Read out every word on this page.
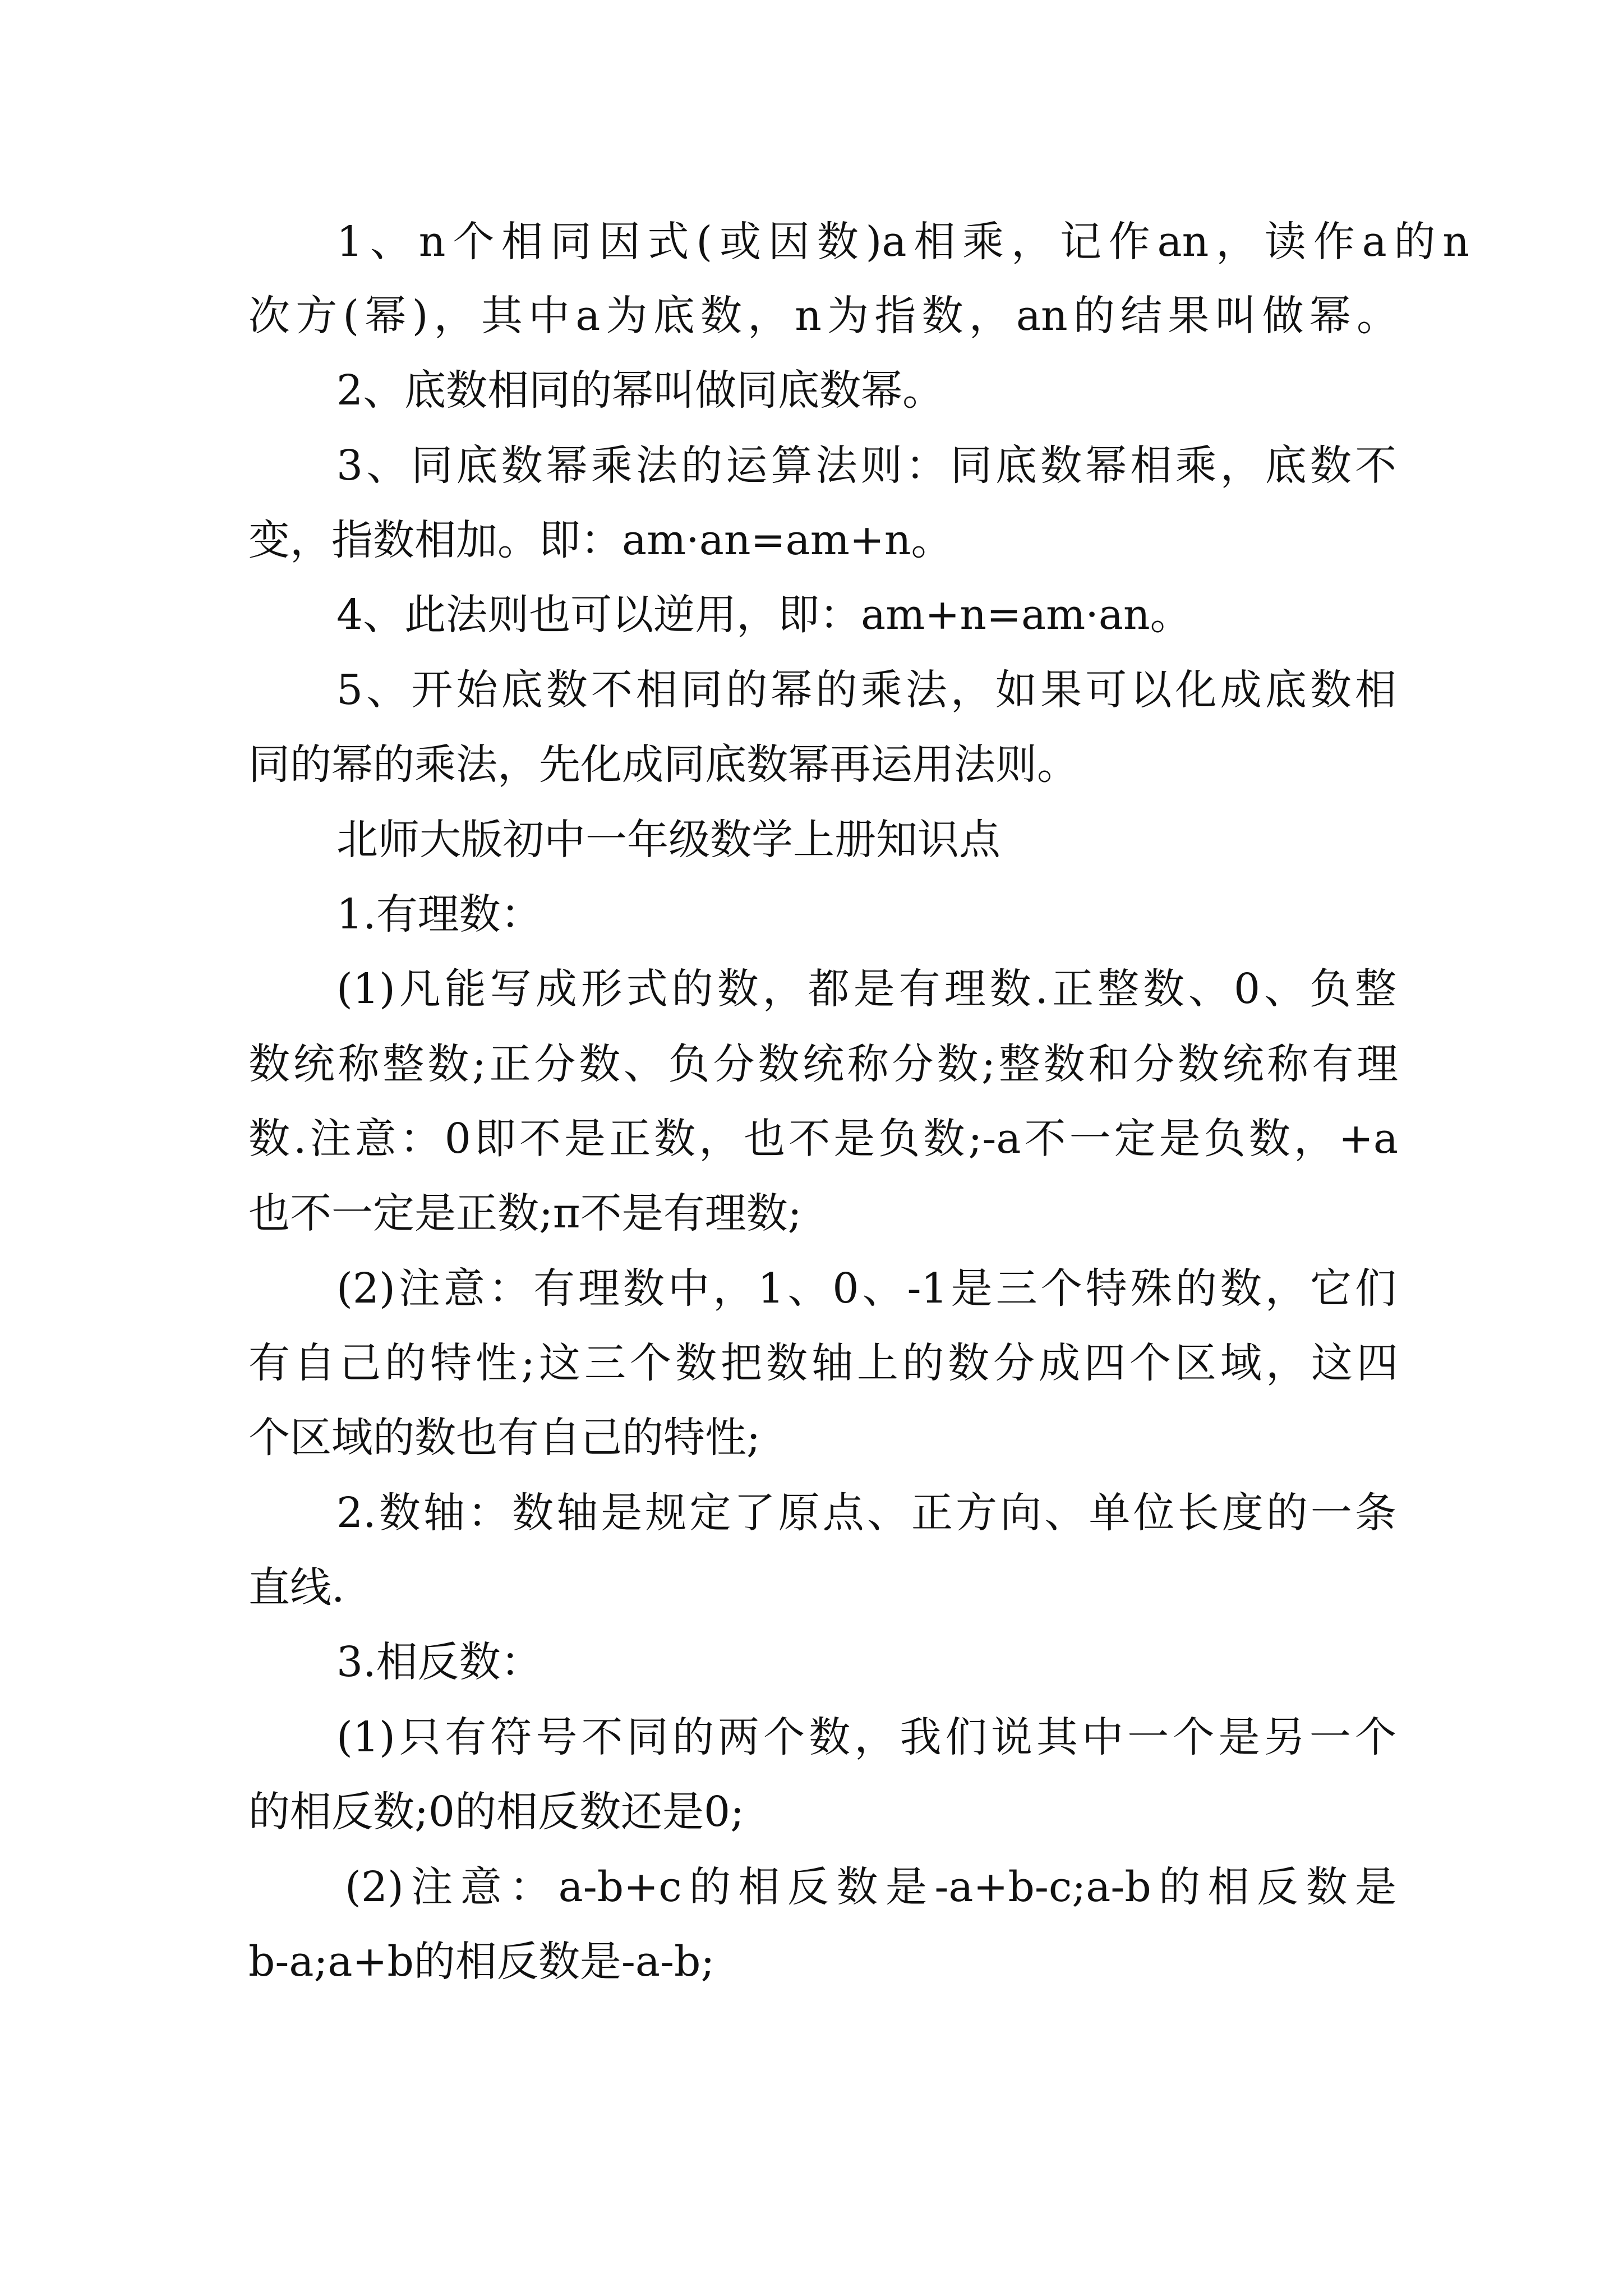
1、n个相同因式(或因数)a相乘，记作an，读作a的n
次方(幂)，其中a为底数，n为指数，an的结果叫做幂。
2、底数相同的幂叫做同底数幂。
3、同底数幂乘法的运算法则：同底数幂相乘，底数不
变，指数相加。即：am·an=am+n。
4、此法则也可以逆用，即：am+n=am·an。
5、开始底数不相同的幂的乘法，如果可以化成底数相
同的幂的乘法，先化成同底数幂再运用法则。
北师大版初中一年级数学上册知识点
1.有理数：
(1)凡能写成形式的数，都是有理数.正整数、0、负整
数统称整数;正分数、负分数统称分数;整数和分数统称有理
数.注意：0即不是正数，也不是负数;-a不一定是负数，+a
也不一定是正数;π不是有理数;
(2)注意：有理数中，1、0、-1是三个特殊的数，它们
有自己的特性;这三个数把数轴上的数分成四个区域，这四
个区域的数也有自己的特性;
2.数轴：数轴是规定了原点、正方向、单位长度的一条
直线.
3.相反数：
(1)只有符号不同的两个数，我们说其中一个是另一个
的相反数;0的相反数还是0;
(2)注意：a-b+c的相反数是-a+b-c;a-b的相反数是
b-a;a+b的相反数是-a-b;
